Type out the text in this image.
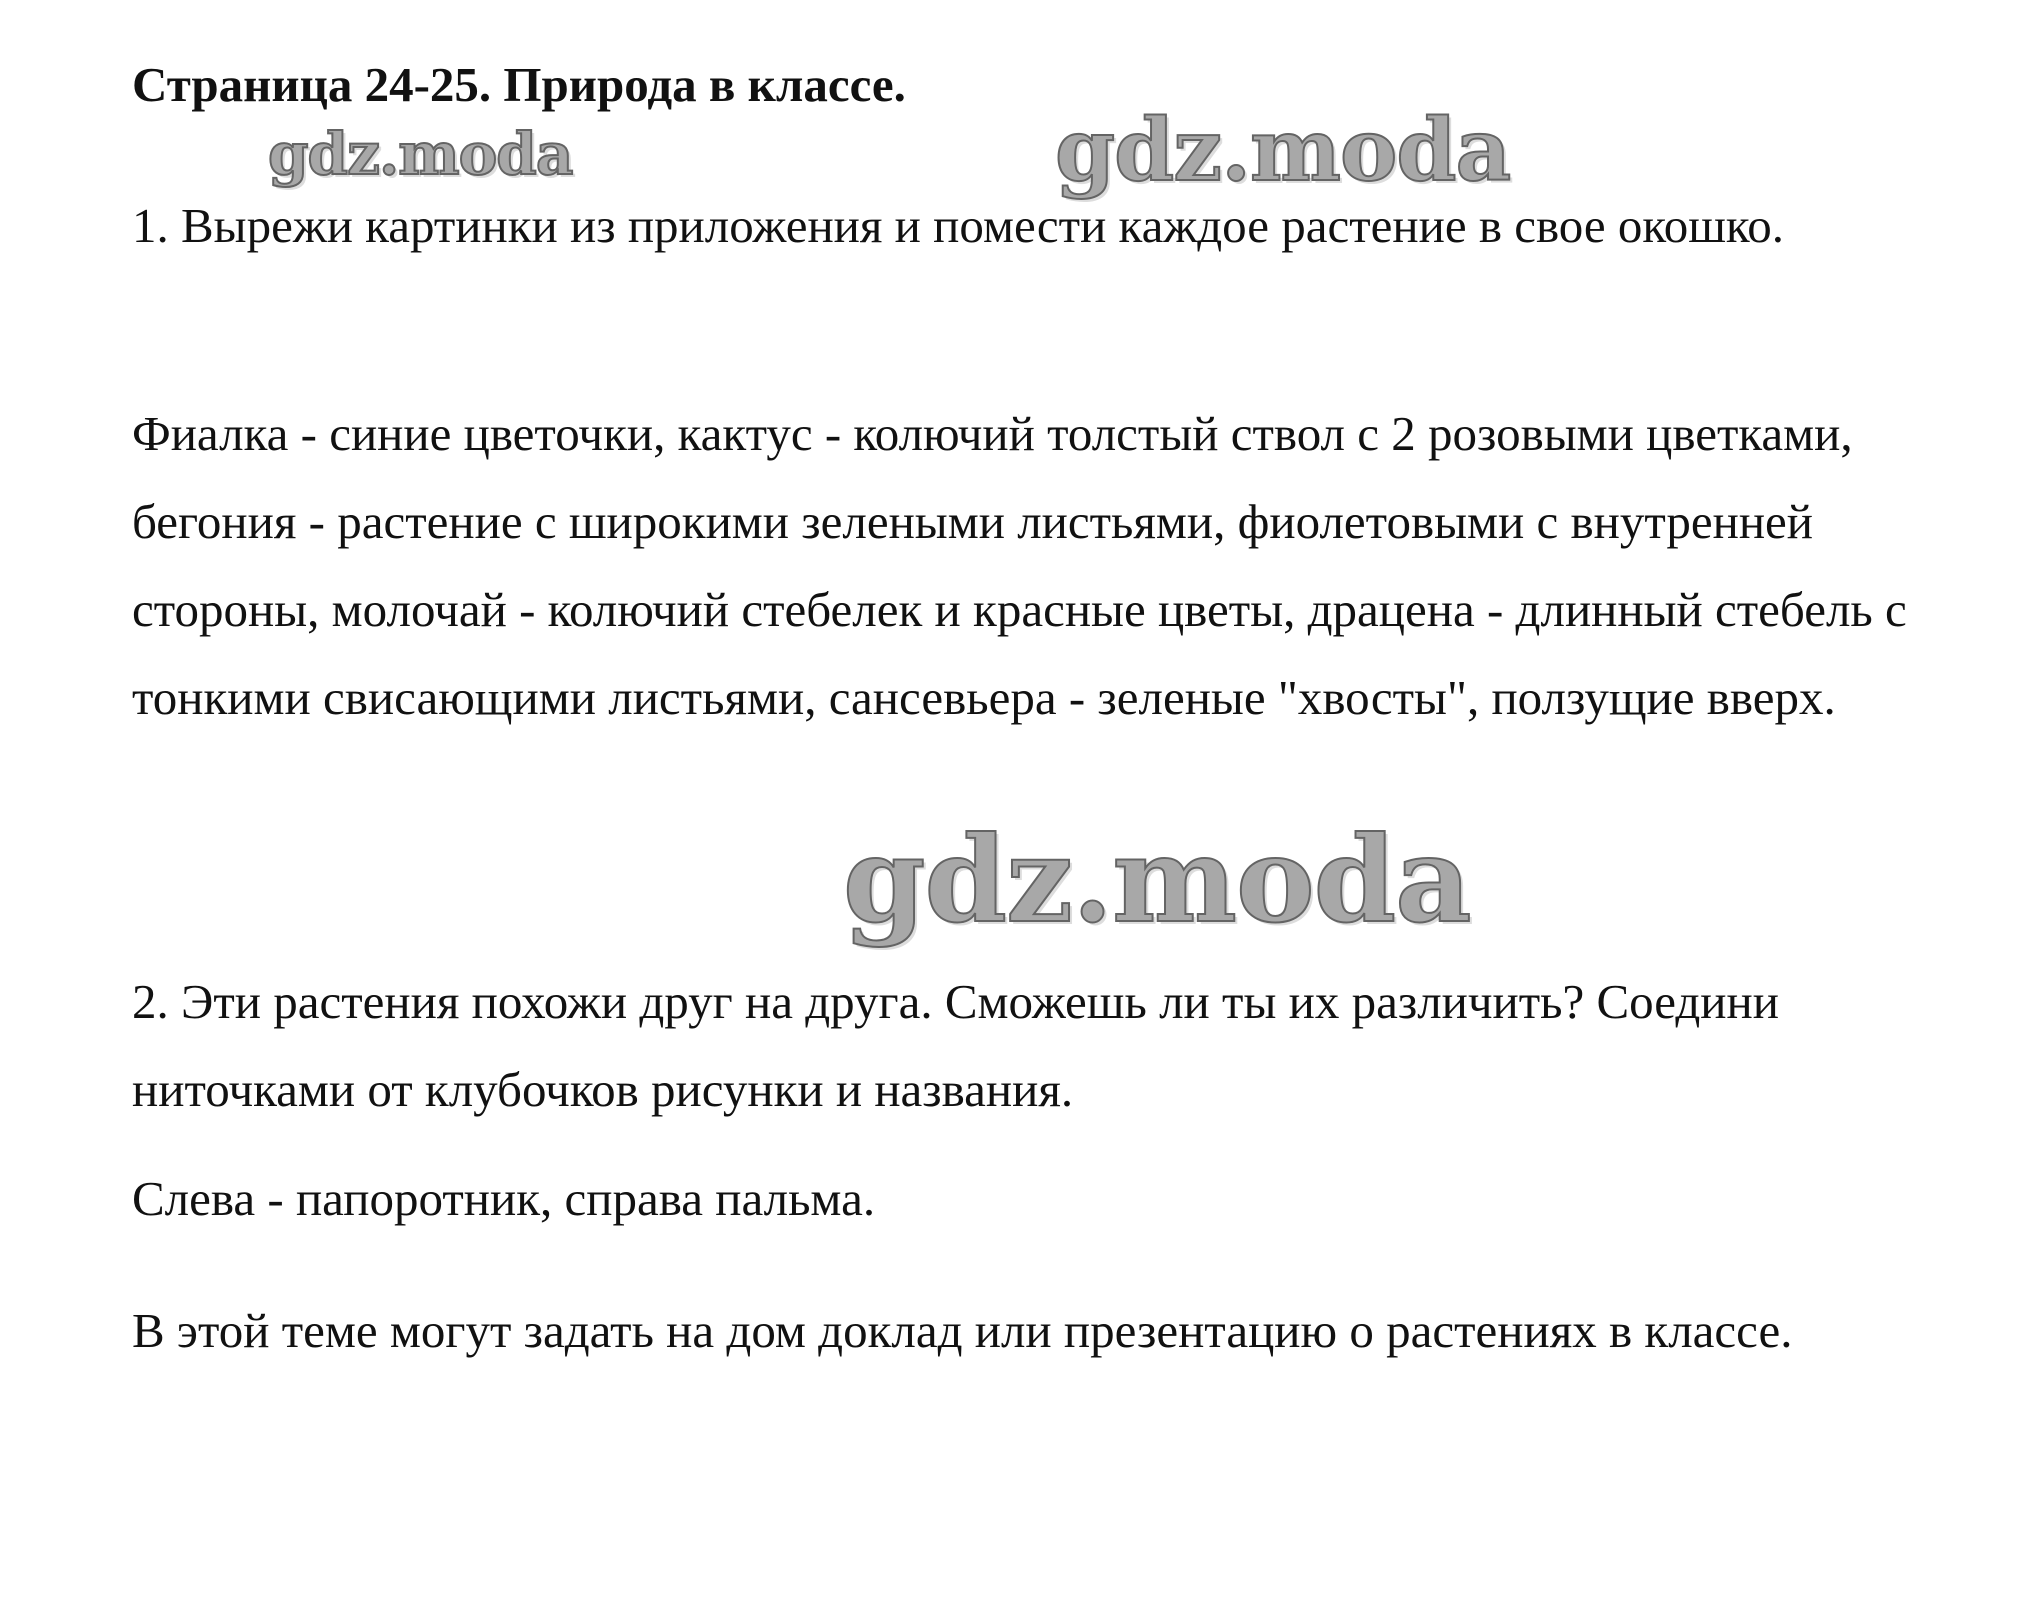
Страница 24-25. Природа в классе.
gdz.moda	gdz.moda

1. Вырежи картинки из приложения и помести каждое растение в свое окошко.

Фиалка - синие цветочки, кактус - колючий толстый ствол с 2 розовыми цветками, бегония - растение с широкими зелеными листьями, фиолетовыми с внутренней стороны, молочай - колючий стебелек и красные цветы, драцена - длинный стебель с тонкими свисающими листьями, сансевьера - зеленые "хвосты", ползущие вверх.

gdz.moda

2. Эти растения похожи друг на друга. Сможешь ли ты их различить? Соедини ниточками от клубочков рисунки и названия.

Слева - папоротник, справа пальма.

В этой теме могут задать на дом доклад или презентацию о растениях в классе.
